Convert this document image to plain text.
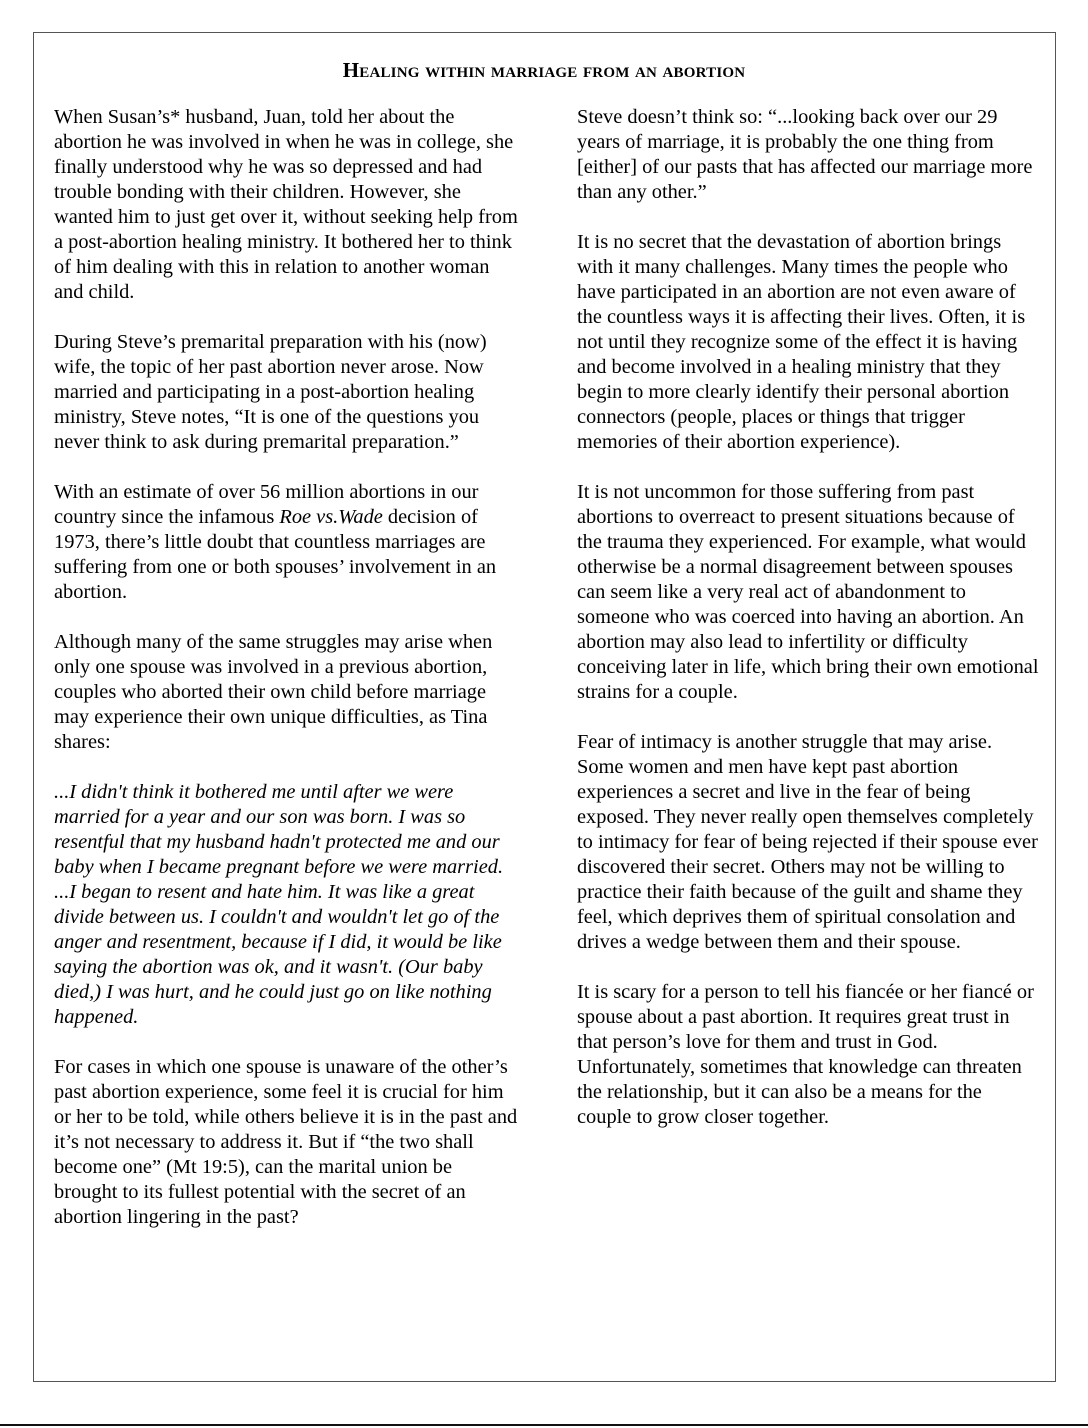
Healing within marriage from an abortion

When Susan’s* husband, Juan, told her about the abortion he was involved in when he was in college, she finally understood why he was so depressed and had trouble bonding with their children. However, she wanted him to just get over it, without seeking help from a post-abortion healing ministry. It bothered her to think of him dealing with this in relation to another woman and child.

During Steve’s premarital preparation with his (now) wife, the topic of her past abortion never arose. Now married and participating in a post-abortion healing ministry, Steve notes, “It is one of the questions you never think to ask during premarital preparation.”

With an estimate of over 56 million abortions in our country since the infamous Roe vs.Wade decision of 1973, there’s little doubt that countless marriages are suffering from one or both spouses’ involvement in an abortion.

Although many of the same struggles may arise when only one spouse was involved in a previous abortion, couples who aborted their own child before marriage may experience their own unique difficulties, as Tina shares:

...I didn't think it bothered me until after we were married for a year and our son was born. I was so resentful that my husband hadn't protected me and our baby when I became pregnant before we were married. ...I began to resent and hate him. It was like a great divide between us. I couldn't and wouldn't let go of the anger and resentment, because if I did, it would be like saying the abortion was ok, and it wasn't. (Our baby died,) I was hurt, and he could just go on like nothing happened.

For cases in which one spouse is unaware of the other’s past abortion experience, some feel it is crucial for him or her to be told, while others believe it is in the past and it’s not necessary to address it. But if “the two shall become one” (Mt 19:5), can the marital union be brought to its fullest potential with the secret of an abortion lingering in the past?

Steve doesn’t think so: “...looking back over our 29 years of marriage, it is probably the one thing from [either] of our pasts that has affected our marriage more than any other.”

It is no secret that the devastation of abortion brings with it many challenges. Many times the people who have participated in an abortion are not even aware of the countless ways it is affecting their lives. Often, it is not until they recognize some of the effect it is having and become involved in a healing ministry that they begin to more clearly identify their personal abortion connectors (people, places or things that trigger memories of their abortion experience).

It is not uncommon for those suffering from past abortions to overreact to present situations because of the trauma they experienced. For example, what would otherwise be a normal disagreement between spouses can seem like a very real act of abandonment to someone who was coerced into having an abortion. An abortion may also lead to infertility or difficulty conceiving later in life, which bring their own emotional strains for a couple.

Fear of intimacy is another struggle that may arise. Some women and men have kept past abortion experiences a secret and live in the fear of being exposed. They never really open themselves completely to intimacy for fear of being rejected if their spouse ever discovered their secret. Others may not be willing to practice their faith because of the guilt and shame they feel, which deprives them of spiritual consolation and drives a wedge between them and their spouse.

It is scary for a person to tell his fiancée or her fiancé or spouse about a past abortion. It requires great trust in that person’s love for them and trust in God. Unfortunately, sometimes that knowledge can threaten the relationship, but it can also be a means for the couple to grow closer together.
